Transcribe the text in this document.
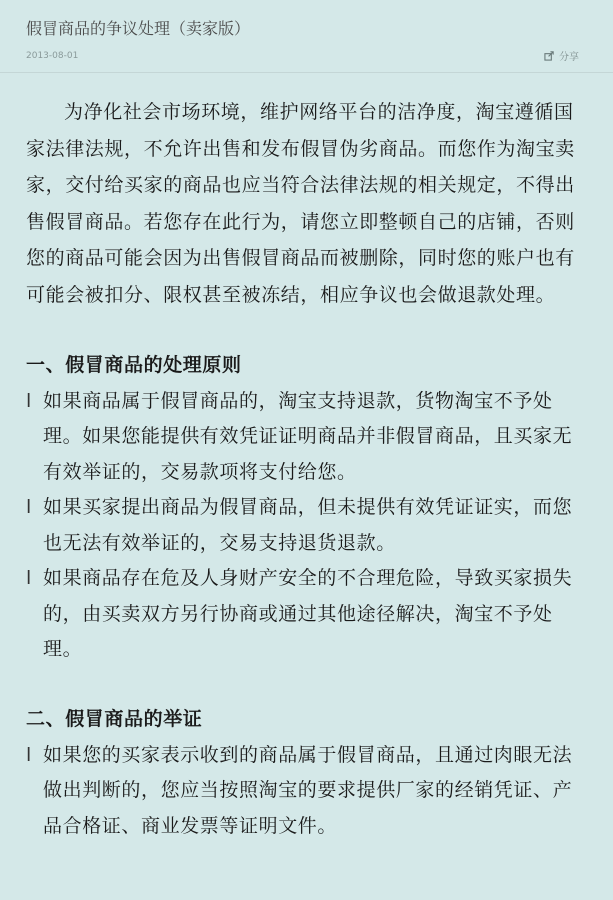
假冒商品的争议处理（卖家版）
2013-08-01	分享

为净化社会市场环境，维护网络平台的洁净度，淘宝遵循国家法律法规，不允许出售和发布假冒伪劣商品。而您作为淘宝卖家，交付给买家的商品也应当符合法律法规的相关规定，不得出售假冒商品。若您存在此行为，请您立即整顿自己的店铺，否则您的商品可能会因为出售假冒商品而被删除，同时您的账户也有可能会被扣分、限权甚至被冻结，相应争议也会做退款处理。

一、假冒商品的处理原则
l 如果商品属于假冒商品的，淘宝支持退款，货物淘宝不予处理。如果您能提供有效凭证证明商品并非假冒商品，且买家无有效举证的，交易款项将支付给您。
l 如果买家提出商品为假冒商品，但未提供有效凭证证实，而您也无法有效举证的，交易支持退货退款。
l 如果商品存在危及人身财产安全的不合理危险，导致买家损失的，由买卖双方另行协商或通过其他途径解决，淘宝不予处理。
二、假冒商品的举证
l 如果您的买家表示收到的商品属于假冒商品，且通过肉眼无法做出判断的，您应当按照淘宝的要求提供厂家的经销凭证、产品合格证、商业发票等证明文件。
